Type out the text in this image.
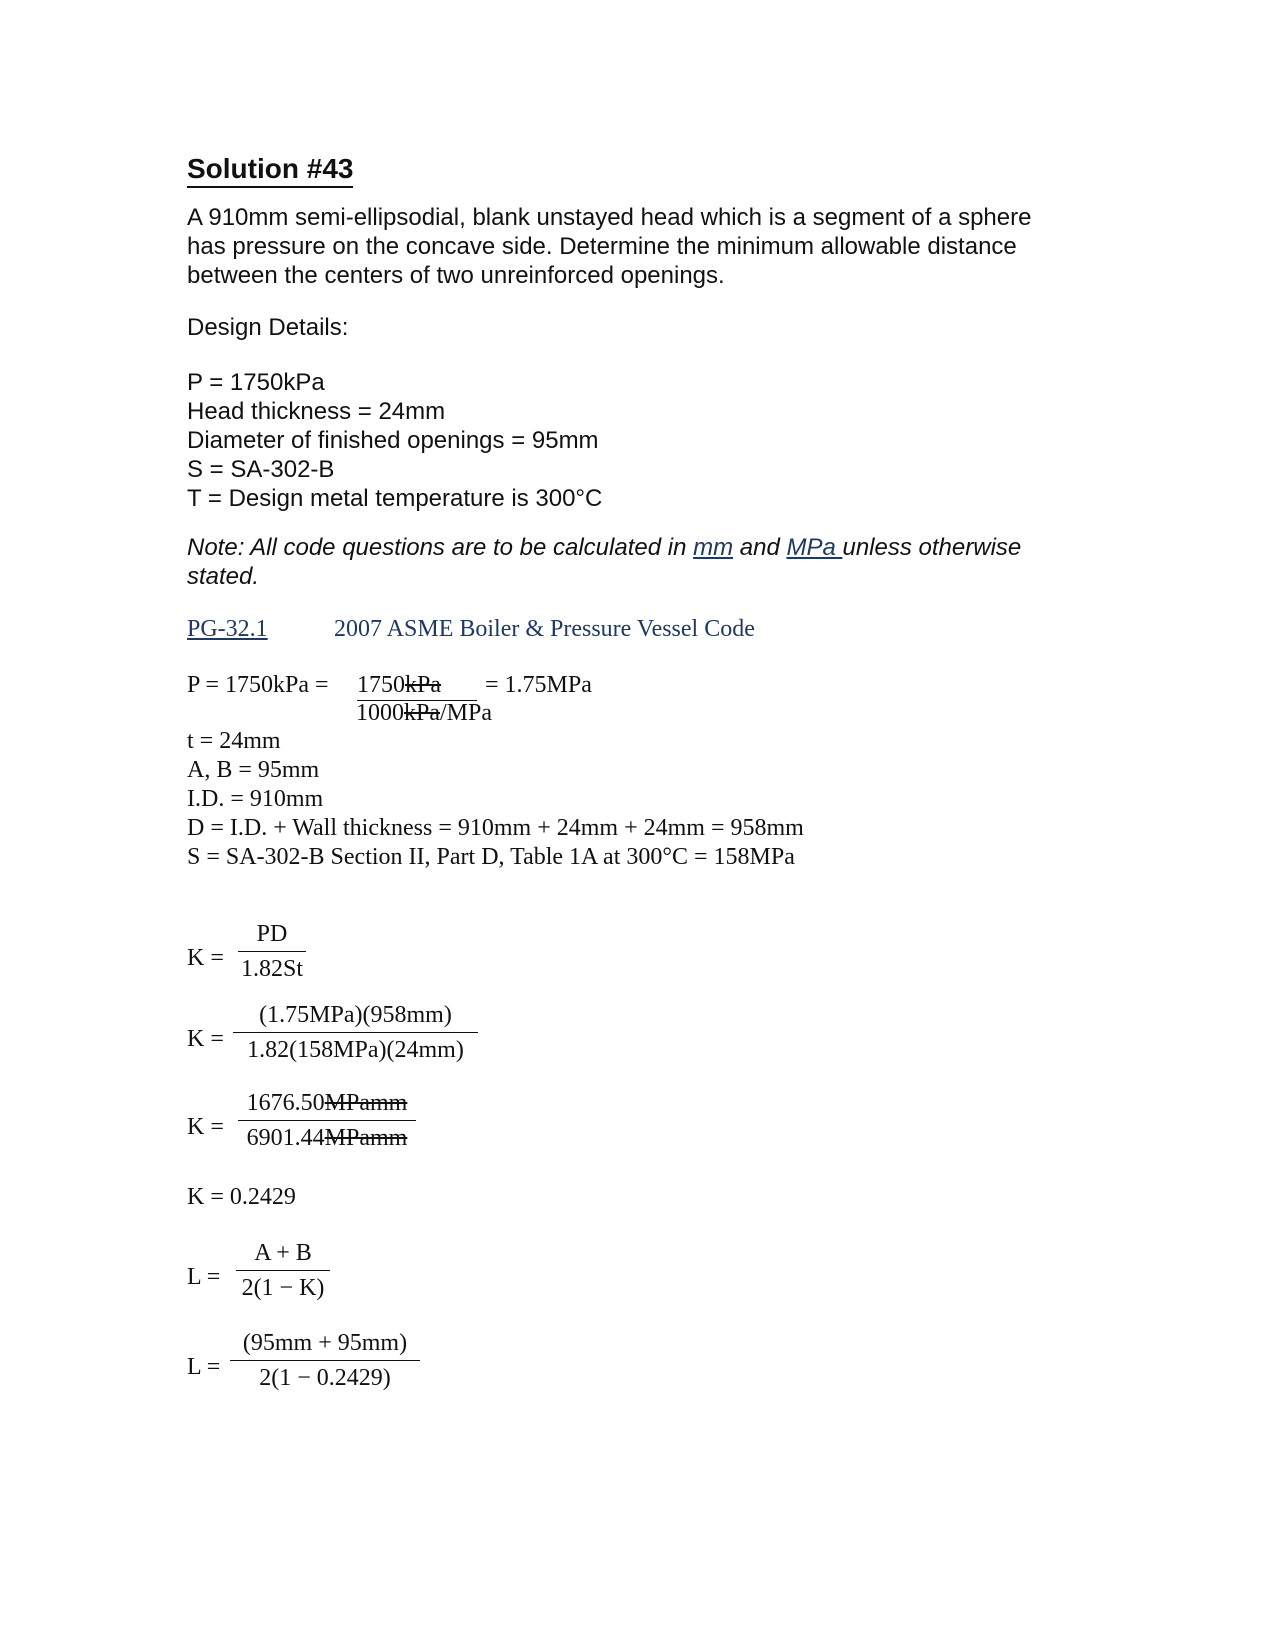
Solution #43
A 910mm semi-ellipsodial, blank unstayed head which is a segment of a sphere
has pressure on the concave side. Determine the minimum allowable distance
between the centers of two unreinforced openings.
Design Details:
P = 1750kPa
Head thickness = 24mm
Diameter of finished openings = 95mm
S = SA-302-B
T = Design metal temperature is 300°C
Note: All code questions are to be calculated in mm and MPa unless otherwise
stated.
PG-32.1	2007 ASME Boiler & Pressure Vessel Code
P = 1750kPa = 1750kPa	= 1.75MPa
1000kPa/MPa
t = 24mm
A, B = 95mm
I.D. = 910mm
D = I.D. + Wall thickness = 910mm + 24mm + 24mm = 958mm
S = SA-302-B Section II, Part D, Table 1A at 300°C = 158MPa
K =
PD
1.82St
K =
(1.75MPa)(958mm)
1.82(158MPa)(24mm)
K =
1676.50MPamm
6901.44MPamm
K = 0.2429
L =
A + B
2(1 − K)
L =
(95mm + 95mm)
2(1 − 0.2429)
